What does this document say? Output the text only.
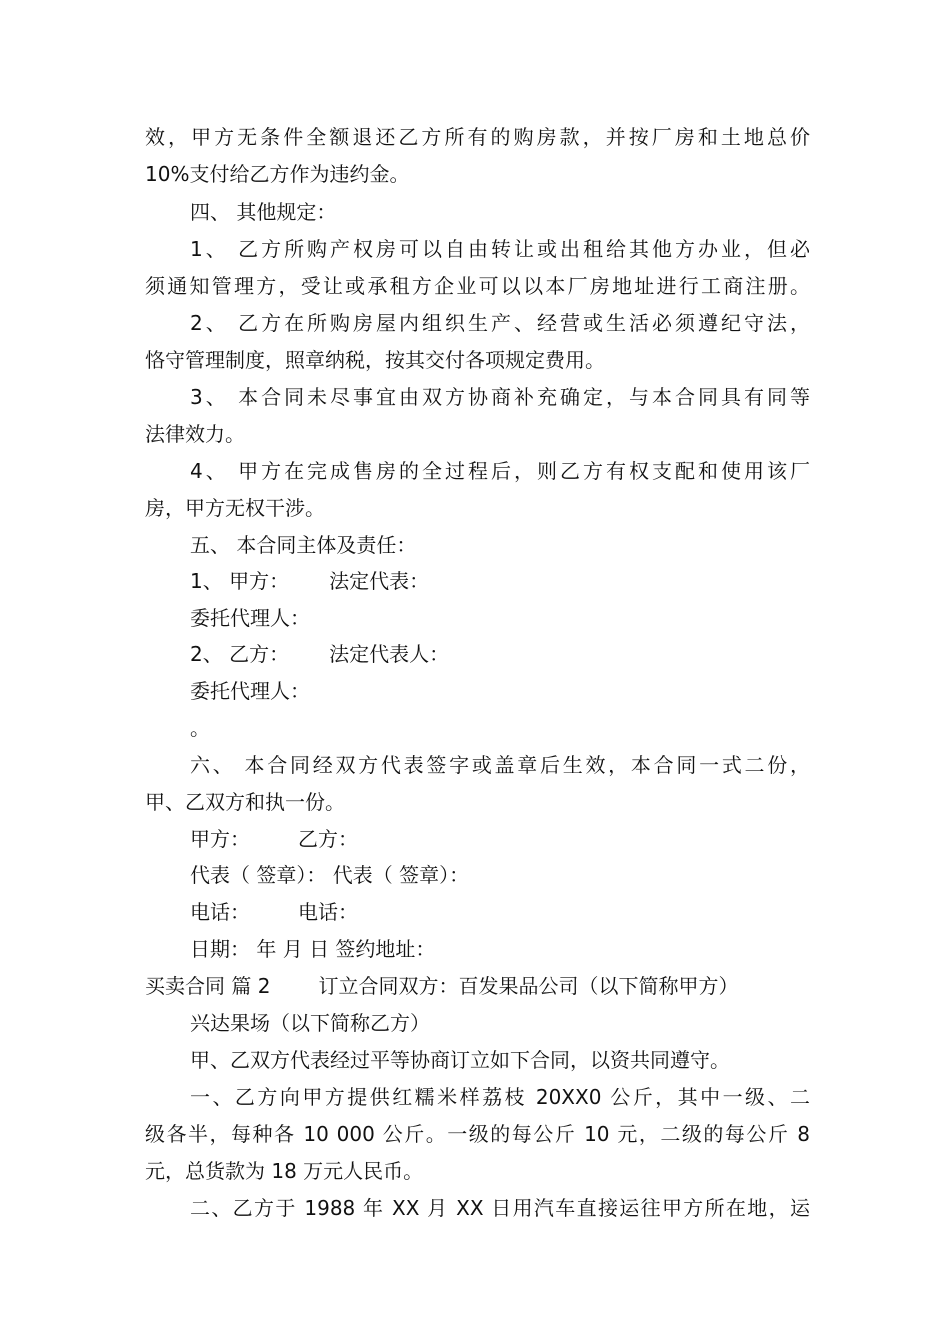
效，甲方无条件全额退还乙方所有的购房款，并按厂房和土地总价
10%支付给乙方作为违约金。
四、 其他规定：
1、 乙方所购产权房可以自由转让或出租给其他方办业，但必
须通知管理方，受让或承租方企业可以以本厂房地址进行工商注册。
2、 乙方在所购房屋内组织生产、经营或生活必须遵纪守法，
恪守管理制度，照章纳税，按其交付各项规定费用。
3、 本合同未尽事宜由双方协商补充确定，与本合同具有同等
法律效力。
4、 甲方在完成售房的全过程后，则乙方有权支配和使用该厂
房，甲方无权干涉。
五、 本合同主体及责任：
1、 甲方： 法定代表：
委托代理人：
2、 乙方： 法定代表人：
委托代理人：
。
六、 本合同经双方代表签字或盖章后生效，本合同一式二份，
甲、乙双方和执一份。
甲方： 乙方：
代表（ 签章）： 代表（ 签章）：
电话： 电话：
日期： 年 月 日 签约地址：
买卖合同 篇 2 订立合同双方：百发果品公司（以下简称甲方）
兴达果场（以下简称乙方）
甲、乙双方代表经过平等协商订立如下合同，以资共同遵守。
一、乙方向甲方提供红糯米样荔枝 20XX0 公斤，其中一级、二
级各半，每种各 10 000 公斤。一级的每公斤 10 元，二级的每公斤 8
元，总货款为 18 万元人民币。
二、乙方于 1988 年 XX 月 XX 日用汽车直接运往甲方所在地，运
